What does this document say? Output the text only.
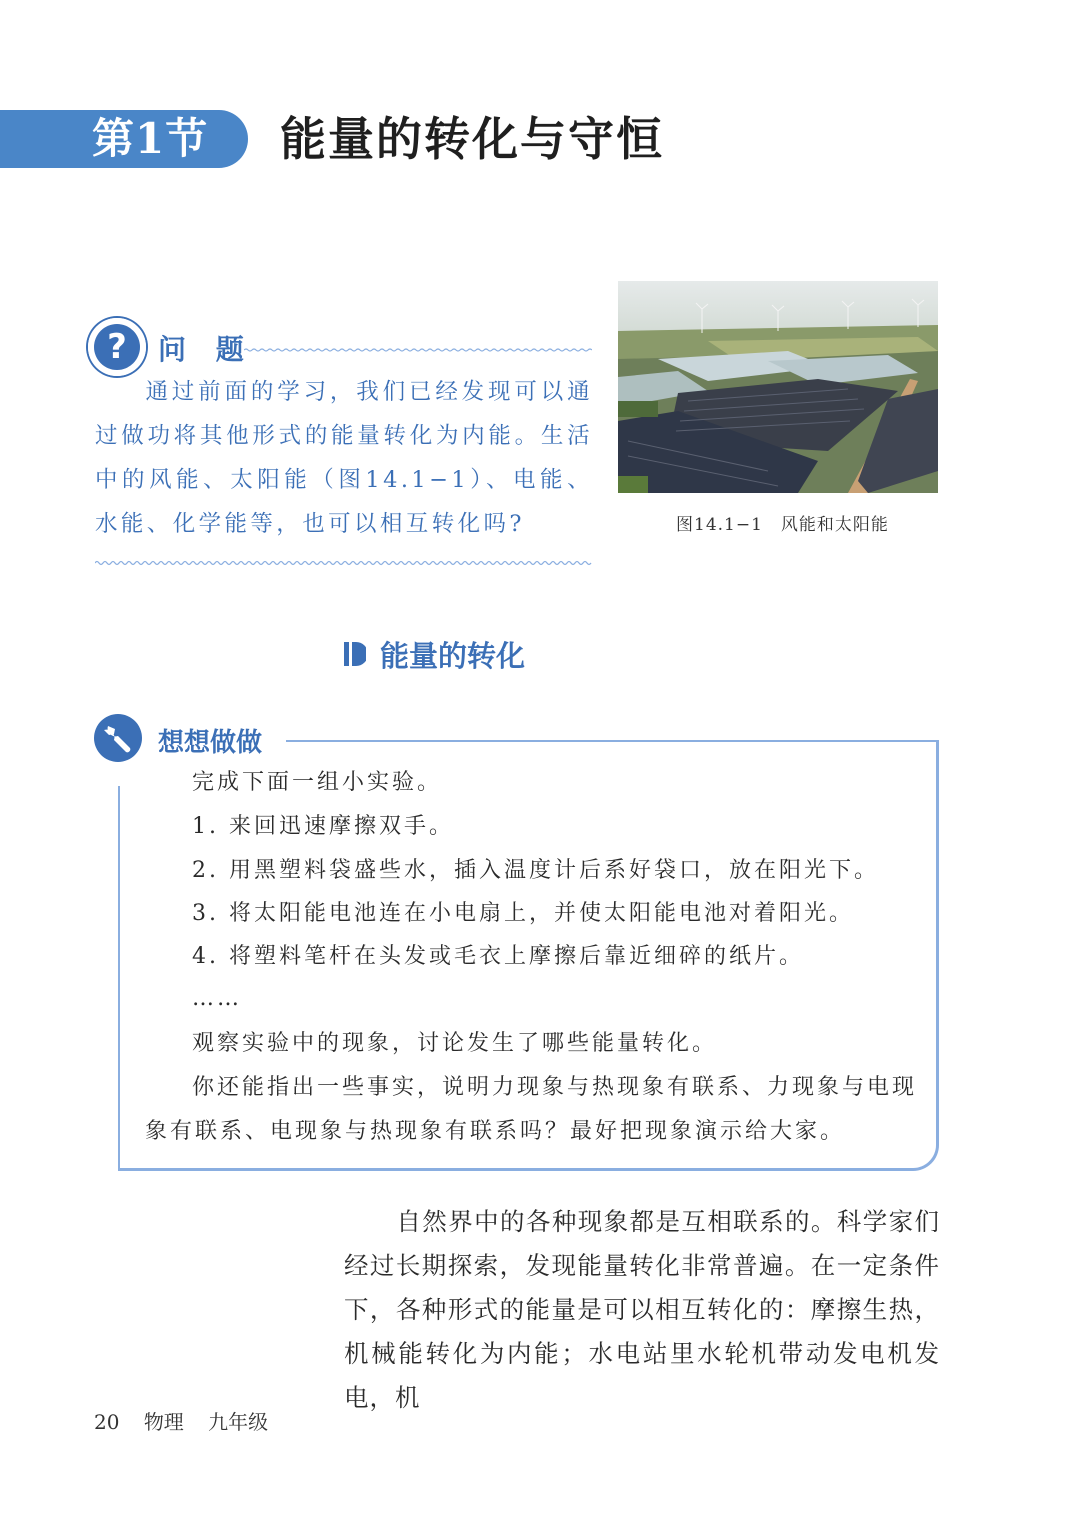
第1节 能量的转化与守恒
?	问 题
通过前面的学习，我们已经发现可以通过做功将其他形式的能量转化为内能。生活中的风能、太阳能（图14.1−1）、电能、水能、化学能等，也可以相互转化吗?	图14.1−1　风能和太阳能
能量的转化
想想做做
完成下面一组小实验。
1. 来回迅速摩擦双手。
2. 用黑塑料袋盛些水，插入温度计后系好袋口，放在阳光下。
3. 将太阳能电池连在小电扇上，并使太阳能电池对着阳光。
4. 将塑料笔杆在头发或毛衣上摩擦后靠近细碎的纸片。
……
观察实验中的现象，讨论发生了哪些能量转化。
你还能指出一些事实，说明力现象与热现象有联系、力现象与电现
象有联系、电现象与热现象有联系吗？最好把现象演示给大家。
自然界中的各种现象都是互相联系的。科学家们经过长期探索，发现能量转化非常普遍。在一定条件下，各种形式的能量是可以相互转化的：摩擦生热，机械能转化为内能；水电站里水轮机带动发电机发电，机
20 物理 九年级
